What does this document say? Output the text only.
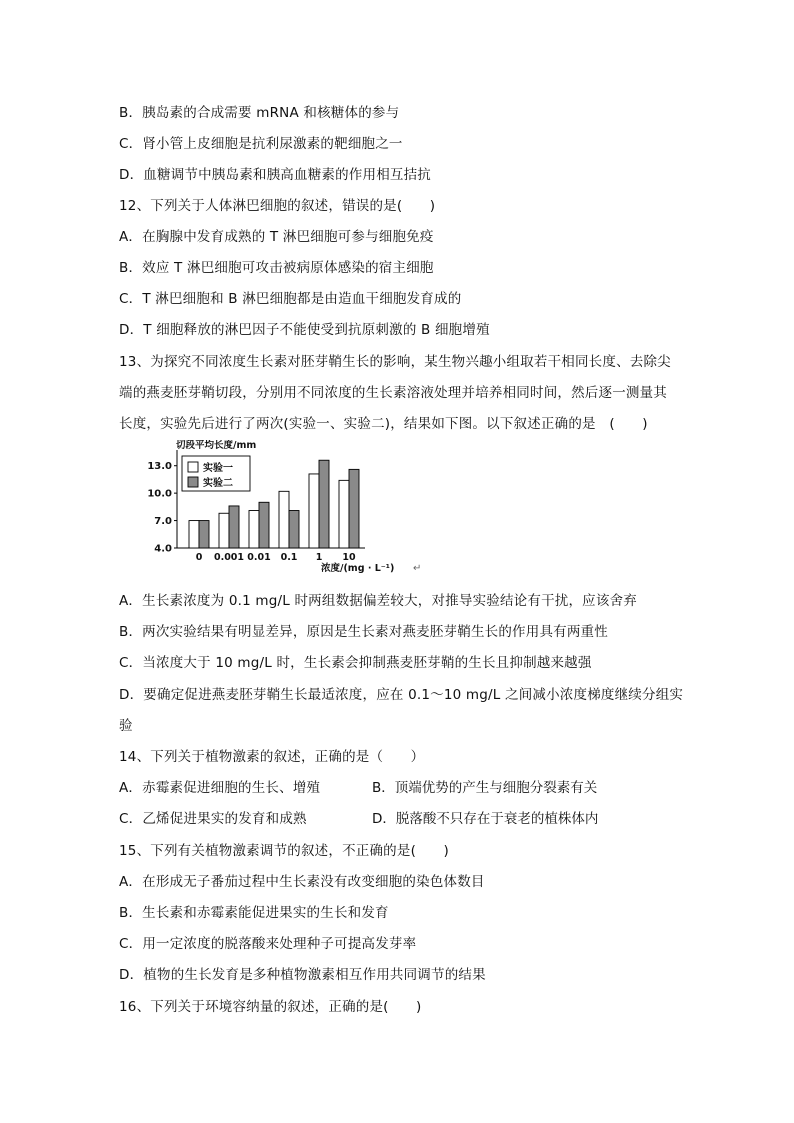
B．胰岛素的合成需要 mRNA 和核糖体的参与
C．肾小管上皮细胞是抗利尿激素的靶细胞之一
D．血糖调节中胰岛素和胰高血糖素的作用相互拮抗
12、下列关于人体淋巴细胞的叙述，错误的是(　　)
A．在胸腺中发育成熟的 T 淋巴细胞可参与细胞免疫
B．效应 T 淋巴细胞可攻击被病原体感染的宿主细胞
C．T 淋巴细胞和 B 淋巴细胞都是由造血干细胞发育成的
D．T 细胞释放的淋巴因子不能使受到抗原刺激的 B 细胞增殖
13、为探究不同浓度生长素对胚芽鞘生长的影响，某生物兴趣小组取若干相同长度、去除尖
端的燕麦胚芽鞘切段，分别用不同浓度的生长素溶液处理并培养相同时间，然后逐一测量其
长度，实验先后进行了两次(实验一、实验二)，结果如下图。以下叙述正确的是　(　　)
4.0
7.0
10.0
13.0
切段平均长度/mm
0 0.001 0.01 0.1 1 10
浓度/(mg · L⁻¹)
实验一
实验二
↵
A．生长素浓度为 0.1 mg/L 时两组数据偏差较大，对推导实验结论有干扰，应该舍弃
B．两次实验结果有明显差异，原因是生长素对燕麦胚芽鞘生长的作用具有两重性
C．当浓度大于 10 mg/L 时，生长素会抑制燕麦胚芽鞘的生长且抑制越来越强
D．要确定促进燕麦胚芽鞘生长最适浓度，应在 0.1～10 mg/L 之间减小浓度梯度继续分组实
验
14、下列关于植物激素的叙述，正确的是（　　）
A．赤霉素促进细胞的生长、增殖	B．顶端优势的产生与细胞分裂素有关
C．乙烯促进果实的发育和成熟	D．脱落酸不只存在于衰老的植株体内
15、下列有关植物激素调节的叙述，不正确的是(　　)
A．在形成无子番茄过程中生长素没有改变细胞的染色体数目
B．生长素和赤霉素能促进果实的生长和发育
C．用一定浓度的脱落酸来处理种子可提高发芽率
D．植物的生长发育是多种植物激素相互作用共同调节的结果
16、下列关于环境容纳量的叙述，正确的是(　　)
